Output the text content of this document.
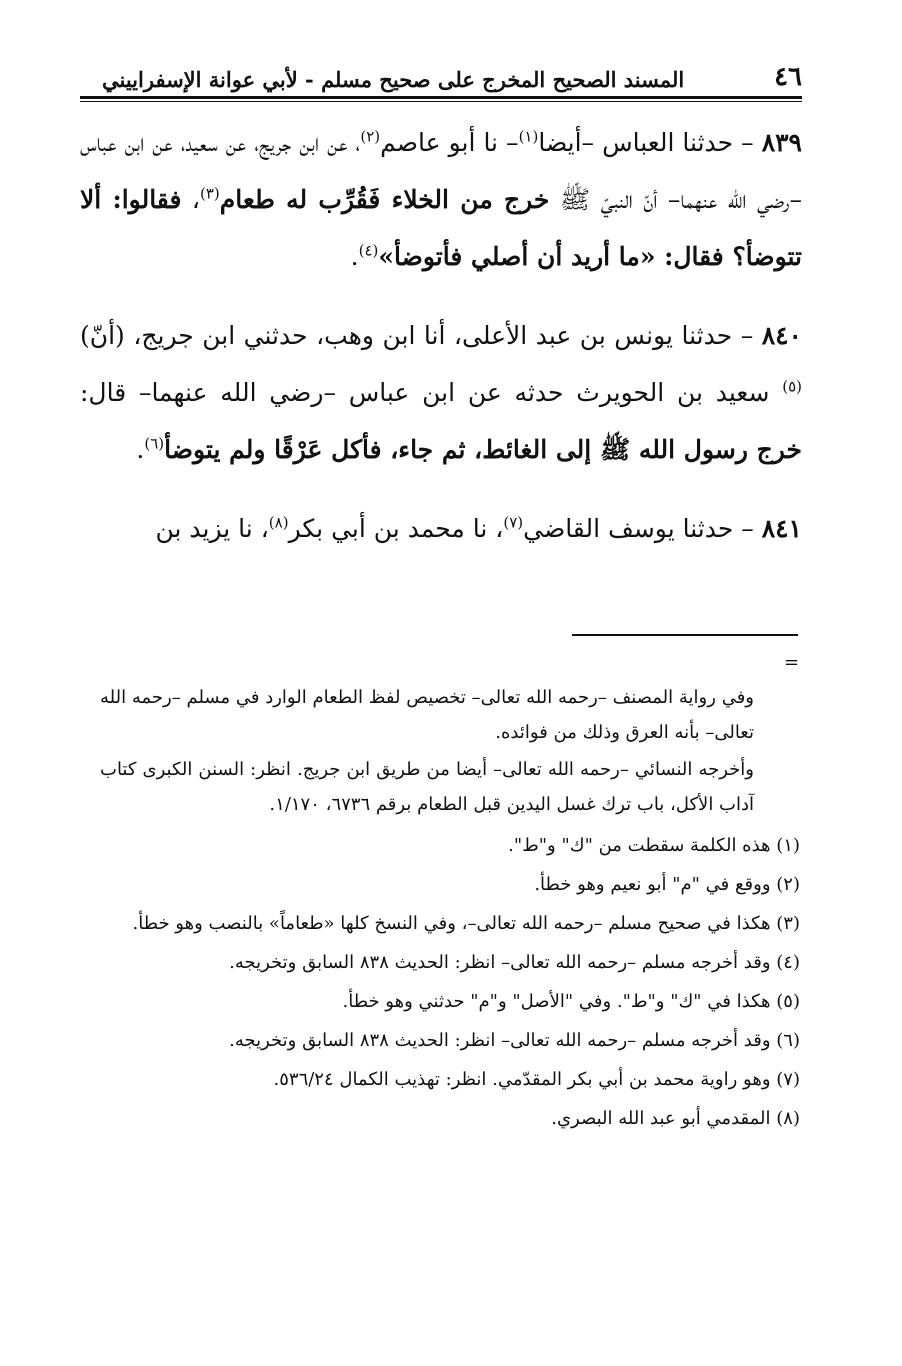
٤٦
المسند الصحيح المخرج على صحيح مسلم - لأبي عوانة الإسفراييني

٨٣٩ – حدثنا العباس –أيضا$^{(١)}$– نا أبو عاصم$^{(٢)}$، عن ابن جريج، عن سعيد، عن ابن عباس –رضي الله عنهما– أنّ النبيّ ﷺ خرج من الخلاء فَقُرِّب له طعام$^{(٣)}$، فقالوا: ألا تتوضأ؟ فقال: «ما أريد أن أصلي فأتوضأ»$^{(٤)}$.

٨٤٠ – حدثنا يونس بن عبد الأعلى، أنا ابن وهب، حدثني ابن جريج، (أنّ)$^{(٥)}$ سعيد بن الحويرث حدثه عن ابن عباس –رضي الله عنهما– قال: خرج رسول الله ﷺ إلى الغائط، ثم جاء، فأكل عَرْقًا ولم يتوضأ$^{(٦)}$.

٨٤١ – حدثنا يوسف القاضي$^{(٧)}$، نا محمد بن أبي بكر$^{(٨)}$، نا يزيد بن

=

وفي رواية المصنف –رحمه الله تعالى– تخصيص لفظ الطعام الوارد في مسلم –رحمه الله تعالى– بأنه العرق وذلك من فوائده.

وأخرجه النسائي –رحمه الله تعالى– أيضا من طريق ابن جريج. انظر: السنن الكبرى كتاب آداب الأكل، باب ترك غسل اليدين قبل الطعام برقم ٦٧٣٦، ١/١٧٠.

(١) هذه الكلمة سقطت من "ك" و"ط".
(٢) ووقع في "م" أبو نعيم وهو خطأ.
(٣) هكذا في صحيح مسلم –رحمه الله تعالى–، وفي النسخ كلها «طعاماً» بالنصب وهو خطأ.
(٤) وقد أخرجه مسلم –رحمه الله تعالى– انظر: الحديث ٨٣٨ السابق وتخريجه.
(٥) هكذا في "ك" و"ط". وفي "الأصل" و"م" حدثني وهو خطأ.
(٦) وقد أخرجه مسلم –رحمه الله تعالى– انظر: الحديث ٨٣٨ السابق وتخريجه.
(٧) وهو راوية محمد بن أبي بكر المقدّمي. انظر: تهذيب الكمال ٥٣٦/٢٤.
(٨) المقدمي أبو عبد الله البصري.
